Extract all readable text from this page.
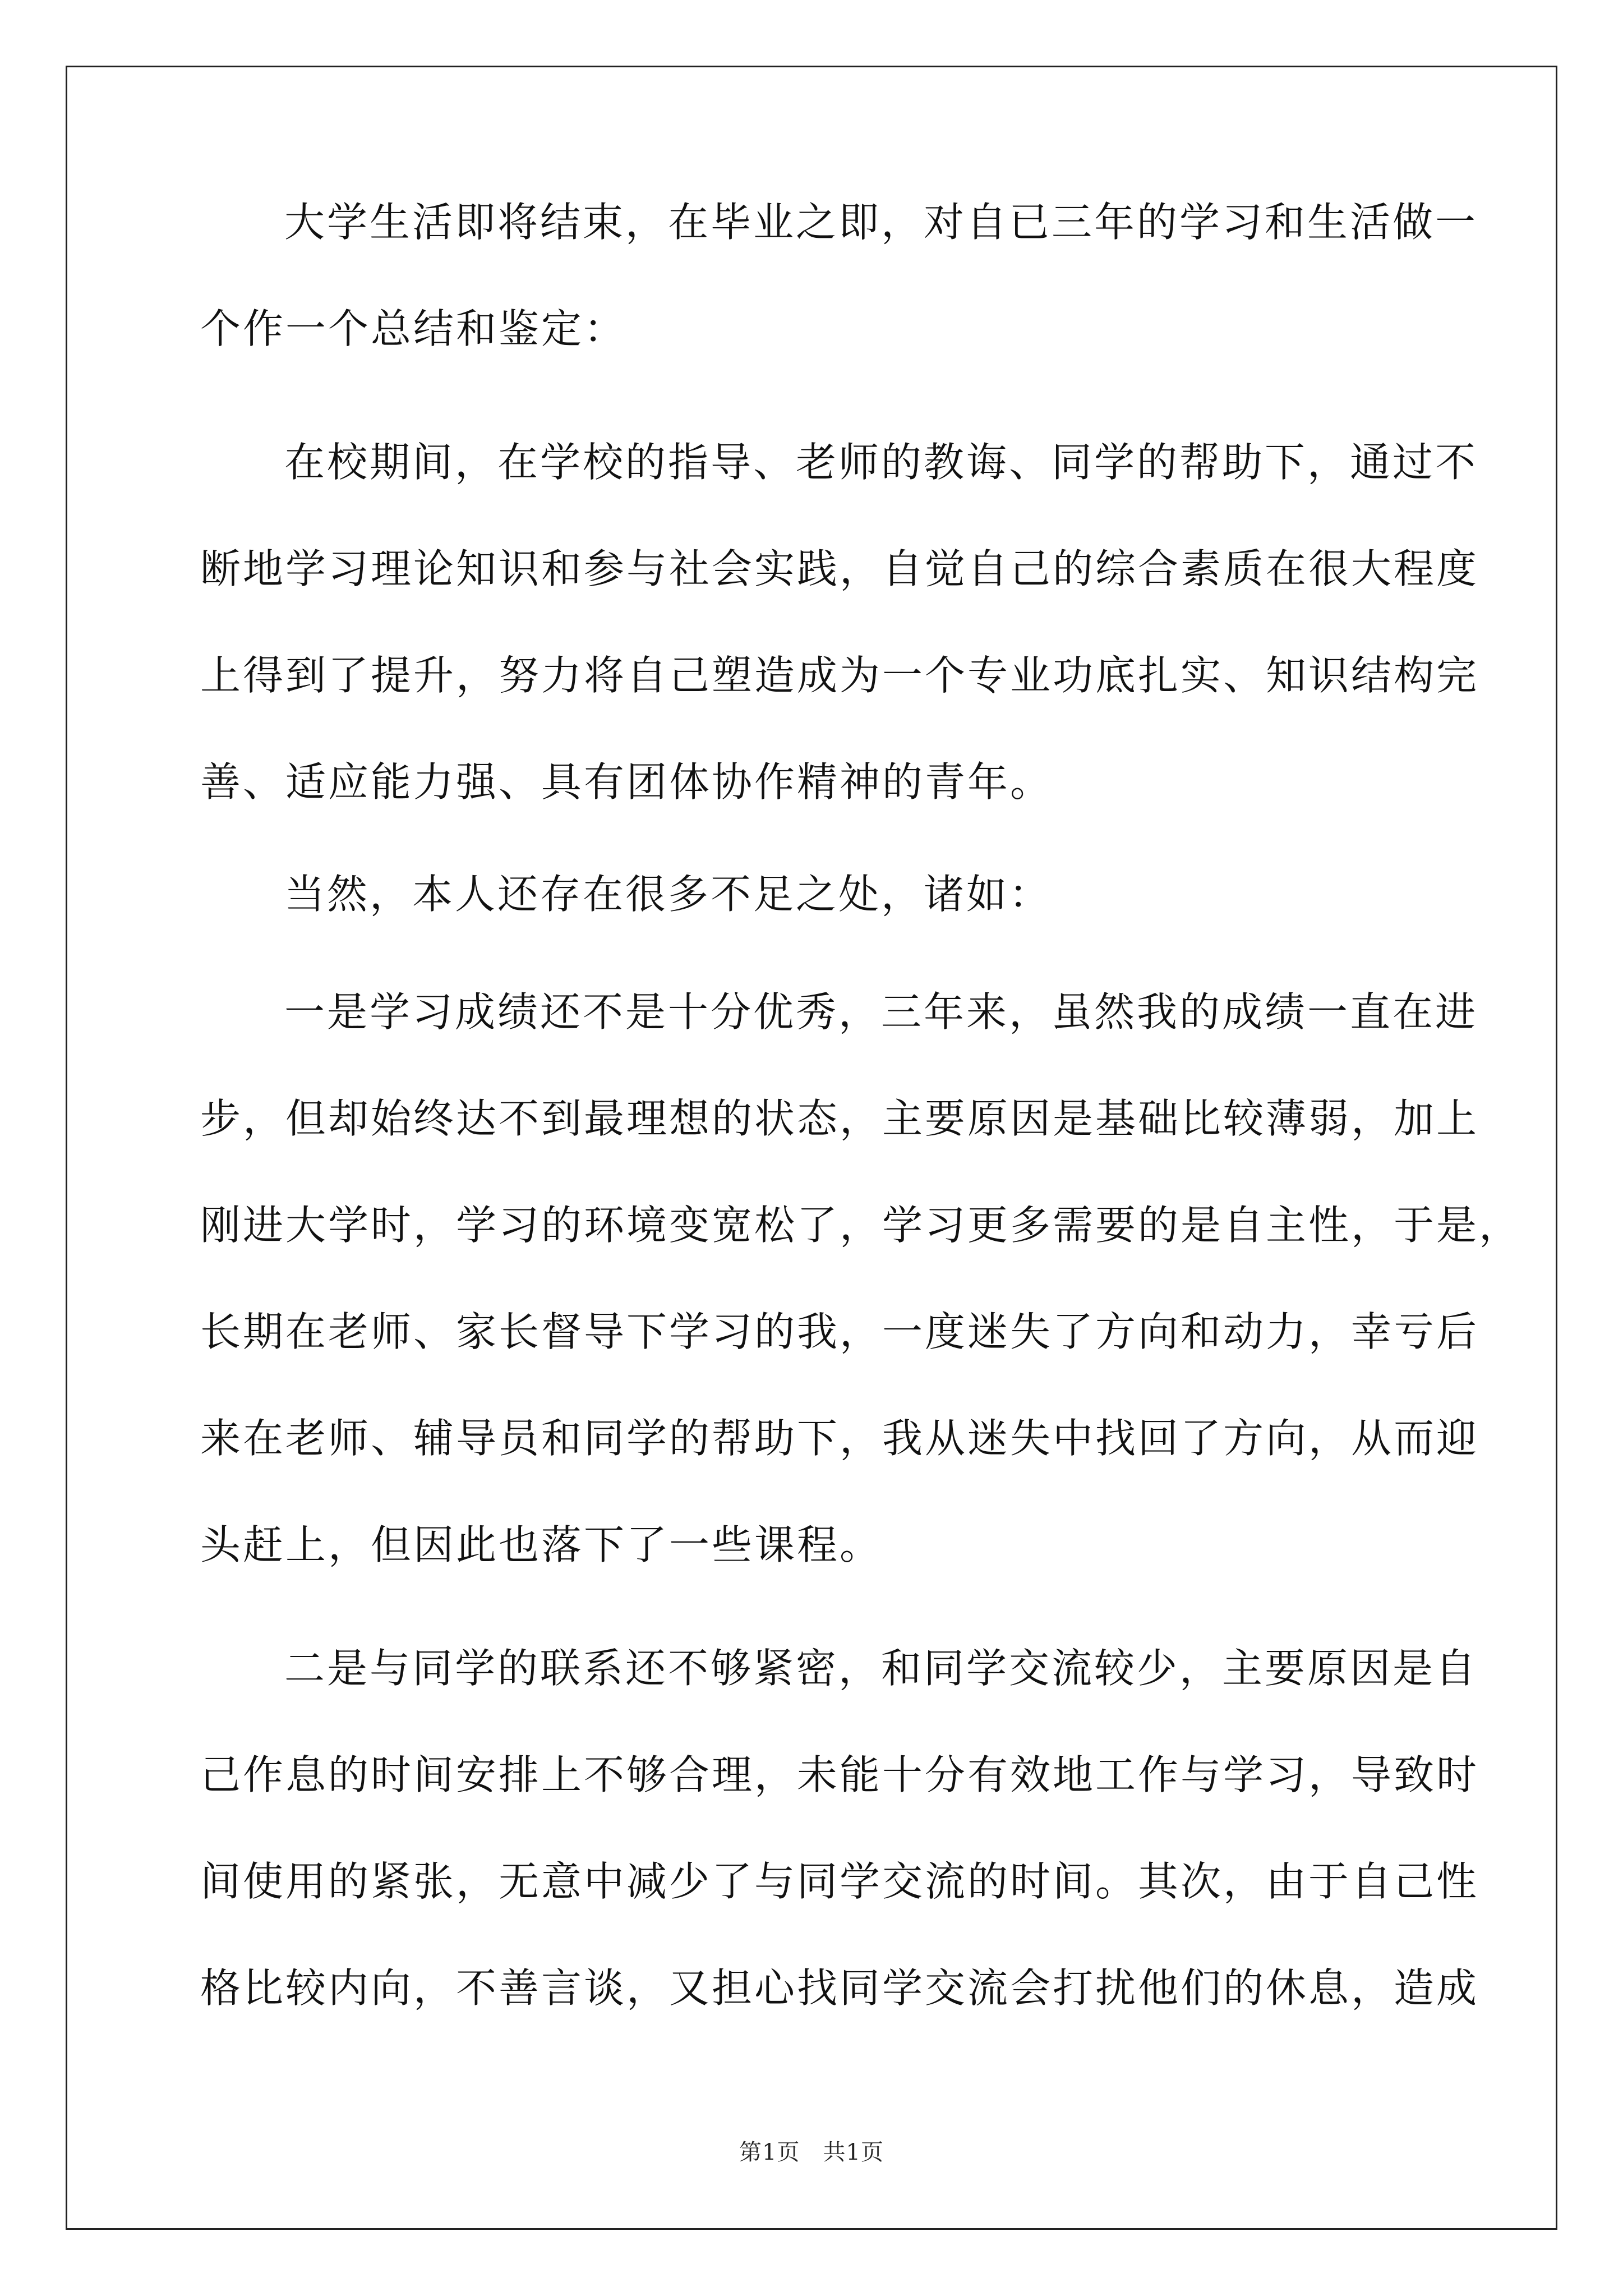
大学生活即将结束，在毕业之即，对自已三年的学习和生活做一
个作一个总结和鉴定：
在校期间，在学校的指导、老师的教诲、同学的帮助下，通过不
断地学习理论知识和参与社会实践，自觉自己的综合素质在很大程度
上得到了提升，努力将自己塑造成为一个专业功底扎实、知识结构完
善、适应能力强、具有团体协作精神的青年。
当然，本人还存在很多不足之处，诸如：
一是学习成绩还不是十分优秀，三年来，虽然我的成绩一直在进
步，但却始终达不到最理想的状态，主要原因是基础比较薄弱，加上
刚进大学时，学习的环境变宽松了，学习更多需要的是自主性，于是，
长期在老师、家长督导下学习的我，一度迷失了方向和动力，幸亏后
来在老师、辅导员和同学的帮助下，我从迷失中找回了方向，从而迎
头赶上，但因此也落下了一些课程。
二是与同学的联系还不够紧密，和同学交流较少，主要原因是自
己作息的时间安排上不够合理，未能十分有效地工作与学习，导致时
间使用的紧张，无意中减少了与同学交流的时间。其次，由于自己性
格比较内向，不善言谈，又担心找同学交流会打扰他们的休息，造成
第1页　共1页
